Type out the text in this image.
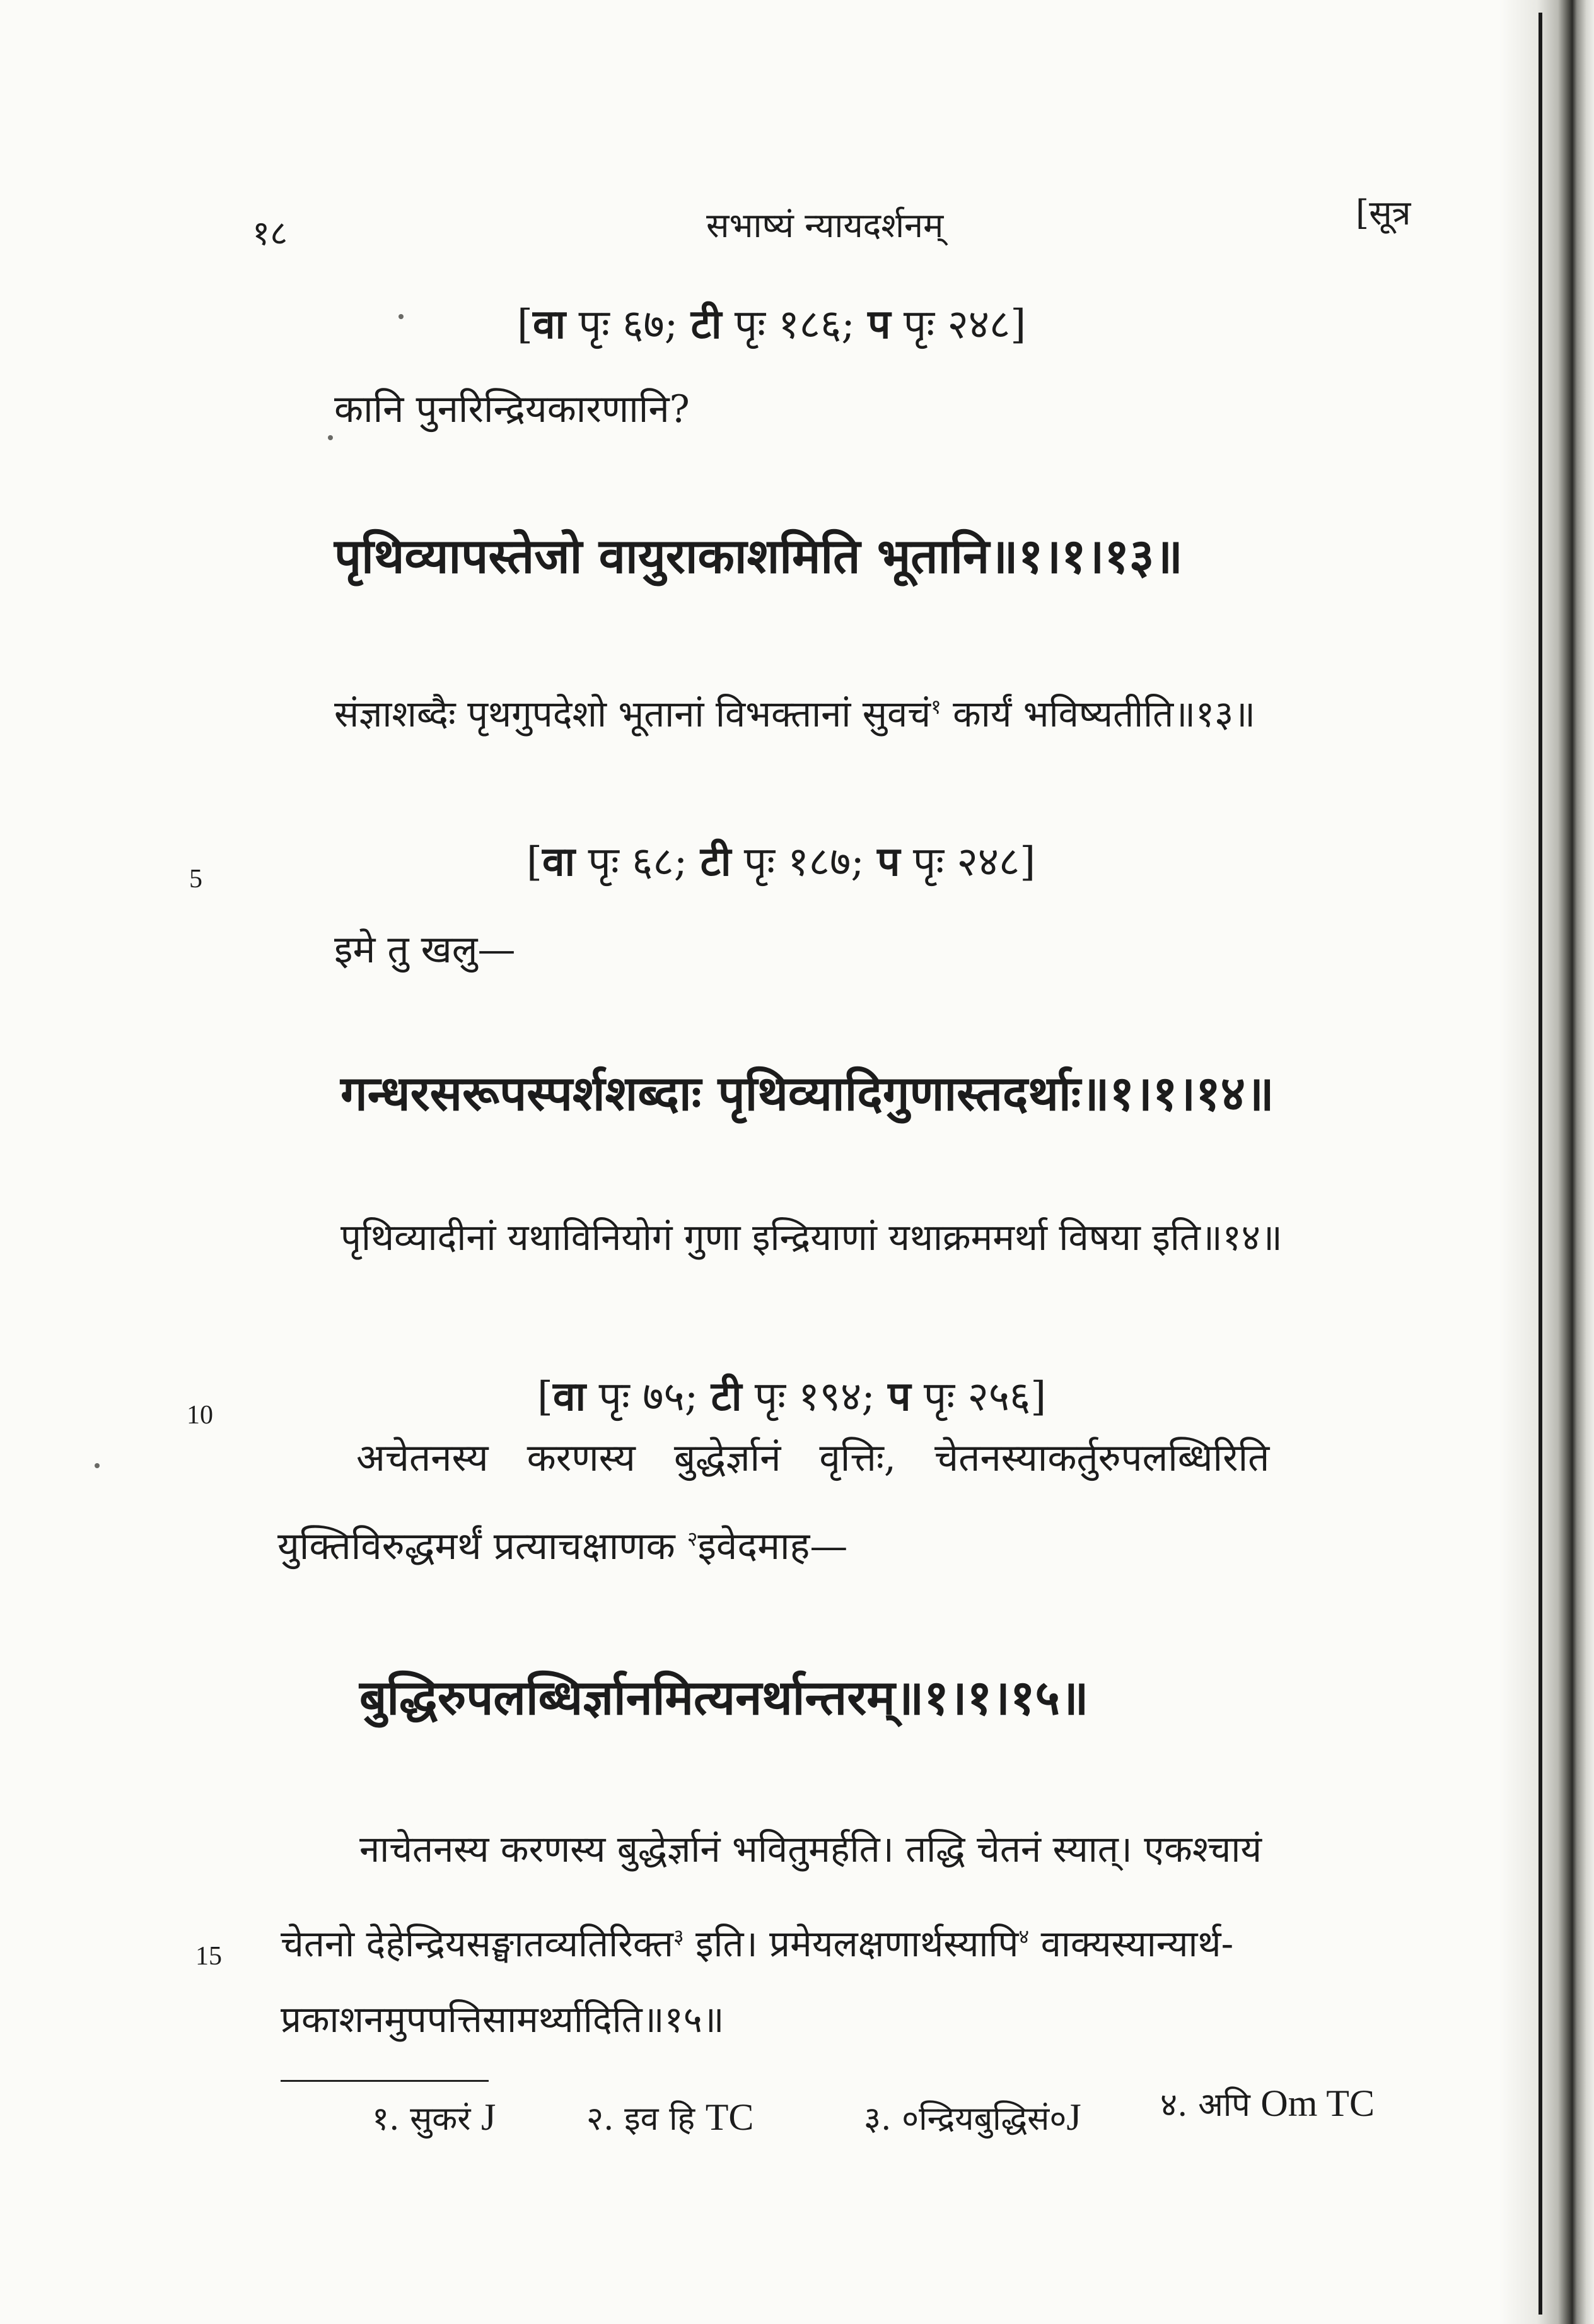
१८	सभाष्यं न्यायदर्शनम्	[सूत्र
[वा पृः ६७; टी पृः १८६; प पृः २४८]
कानि पुनरिन्द्रियकारणानि?
पृथिव्यापस्तेजो वायुराकाशमिति भूतानि॥१।१।१३॥
संज्ञाशब्दैः पृथगुपदेशो भूतानां विभक्तानां सुवचं$^१$ कार्यं भविष्यतीति॥१३॥
5	[वा पृः ६८; टी पृः १८७; प पृः २४८]
इमे तु खलु—
गन्धरसरूपस्पर्शशब्दाः पृथिव्यादिगुणास्तदर्थाः॥१।१।१४॥
पृथिव्यादीनां यथाविनियोगं गुणा इन्द्रियाणां यथाक्रममर्था विषया इति॥१४॥
10	[वा पृः ७५; टी पृः १९४; प पृः २५६]
अचेतनस्य करणस्य बुद्धेर्ज्ञानं वृत्तिः, चेतनस्याकर्तुरुपलब्धिरिति
युक्तिविरुद्धमर्थं प्रत्याचक्षाणक $^२$इवेदमाह—
बुद्धिरुपलब्धिर्ज्ञानमित्यनर्थान्तरम्॥१।१।१५॥
नाचेतनस्य करणस्य बुद्धेर्ज्ञानं भवितुमर्हति। तद्धि चेतनं स्यात्। एकश्चायं
15 चेतनो देहेन्द्रियसङ्घातव्यतिरिक्त$^३$ इति। प्रमेयलक्षणार्थस्यापि$^४$ वाक्यस्यान्यार्थ-
प्रकाशनमुपपत्तिसामर्थ्यादिति॥१५॥
१. सुकरं J	२. इव हि TC	३. ०न्द्रियबुद्धिसं०J ४. अपि Om TC
